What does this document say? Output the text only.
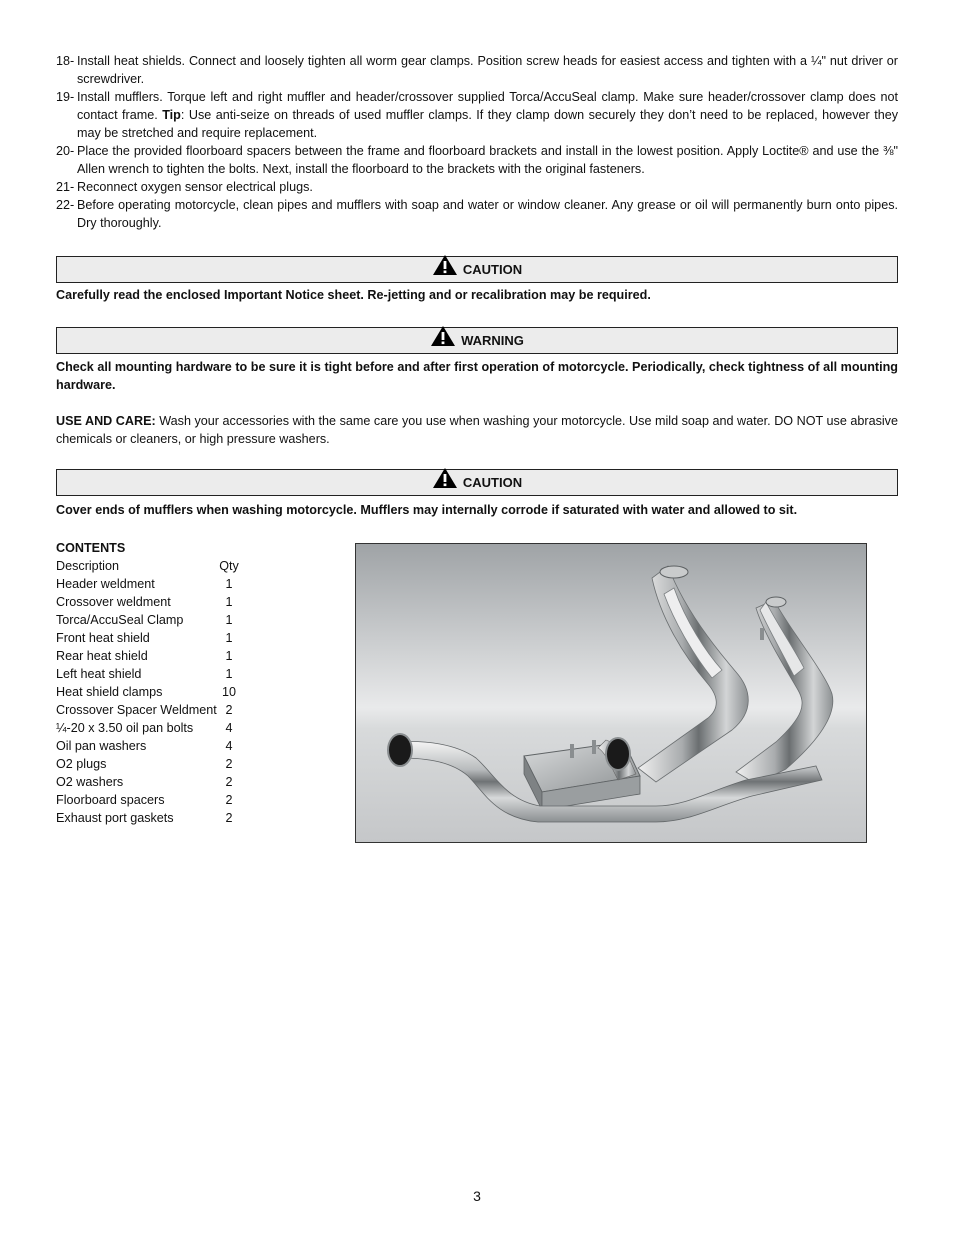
18- Install heat shields. Connect and loosely tighten all worm gear clamps. Position screw heads for easiest access and tighten with a ¼" nut driver or screwdriver.
19- Install mufflers. Torque left and right muffler and header/crossover supplied Torca/AccuSeal clamp. Make sure header/crossover clamp does not contact frame. Tip: Use anti-seize on threads of used muffler clamps. If they clamp down securely they don’t need to be replaced, however they may be stretched and require replacement.
20- Place the provided floorboard spacers between the frame and floorboard brackets and install in the lowest position. Apply Loctite® and use the ⅜" Allen wrench to tighten the bolts. Next, install the floorboard to the brackets with the original fasteners.
21- Reconnect oxygen sensor electrical plugs.
22- Before operating motorcycle, clean pipes and mufflers with soap and water or window cleaner. Any grease or oil will permanently burn onto pipes. Dry thoroughly.
CAUTION
Carefully read the enclosed Important Notice sheet. Re-jetting and or recalibration may be required.
WARNING
Check all mounting hardware to be sure it is tight before and after first operation of motorcycle. Periodically, check tightness of all mounting hardware.
USE AND CARE: Wash your accessories with the same care you use when washing your motorcycle. Use mild soap and water. DO NOT use abrasive chemicals or cleaners, or high pressure washers.
CAUTION
Cover ends of mufflers when washing motorcycle. Mufflers may internally corrode if saturated with water and allowed to sit.
CONTENTS
Description	Qty
Header weldment	1
Crossover weldment	1
Torca/AccuSeal Clamp	1
Front heat shield	1
Rear heat shield	1
Left heat shield	1
Heat shield clamps	10
Crossover Spacer Weldment 2
¼-20 x 3.50 oil pan bolts	4
Oil pan washers	4
O2 plugs	2
O2 washers	2
Floorboard spacers	2
Exhaust port gaskets	2
3
